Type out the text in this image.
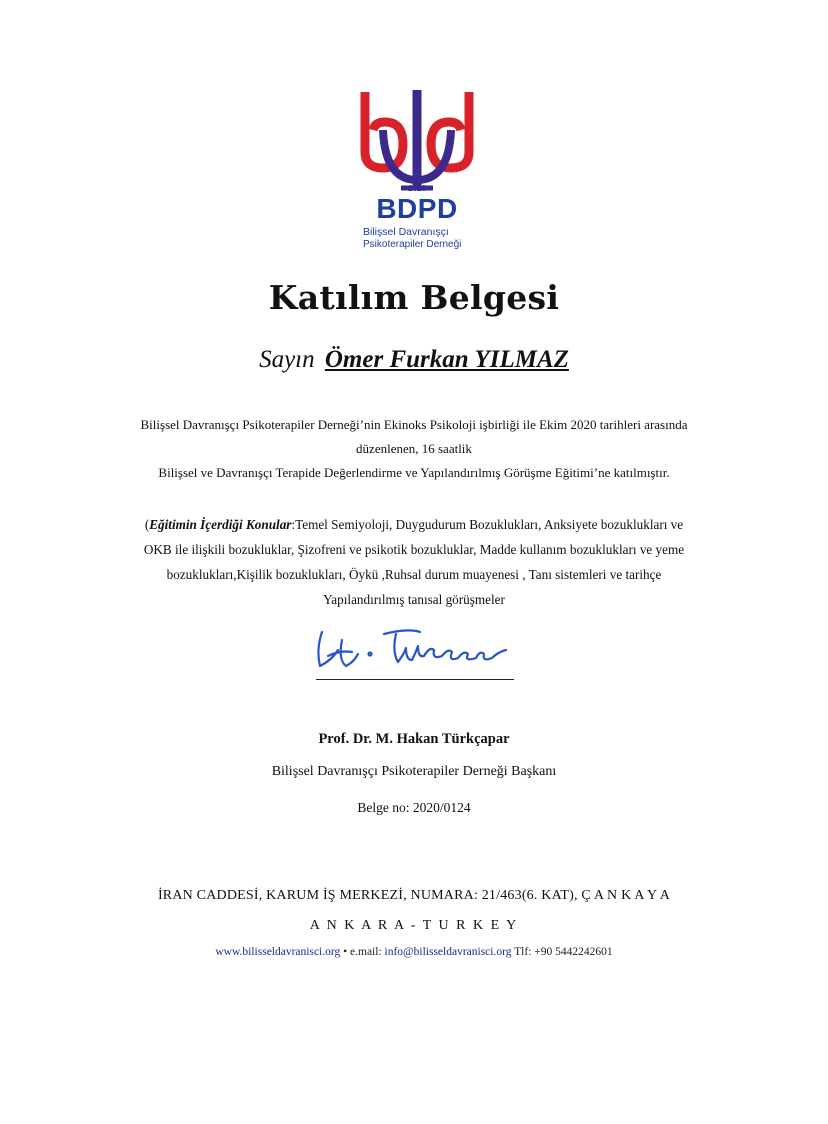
2010
BDPD
Bilişsel Davranışçı
Psikoterapiler Derneği
Katılım Belgesi
Sayın Ömer Furkan YILMAZ
Bilişsel Davranışçı Psikoterapiler Derneği’nin Ekinoks Psikoloji işbirliği ile Ekim 2020 tarihleri arasında
düzenlenen, 16 saatlik
Bilişsel ve Davranışçı Terapide Değerlendirme ve Yapılandırılmış Görüşme Eğitimi’ne katılmıştır.
(Eğitimin İçerdiği Konular:Temel Semiyoloji, Duygudurum Bozuklukları, Anksiyete bozuklukları ve
OKB ile ilişkili bozukluklar, Şizofreni ve psikotik bozukluklar, Madde kullanım bozuklukları ve yeme
bozuklukları,Kişilik bozuklukları, Öykü ,Ruhsal durum muayenesi , Tanı sistemleri ve tarihçe
Yapılandırılmış tanısal görüşmeler
Prof. Dr. M. Hakan Türkçapar
Bilişsel Davranışçı Psikoterapiler Derneği Başkanı
Belge no: 2020/0124
İRAN CADDESİ, KARUM İŞ MERKEZİ, NUMARA: 21/463(6. KAT), Ç A N K A Y A
A N K A R A - T U R K E Y
www.bilisseldavranisci.org • e.mail: info@bilisseldavranisci.org Tlf: +90 5442242601
